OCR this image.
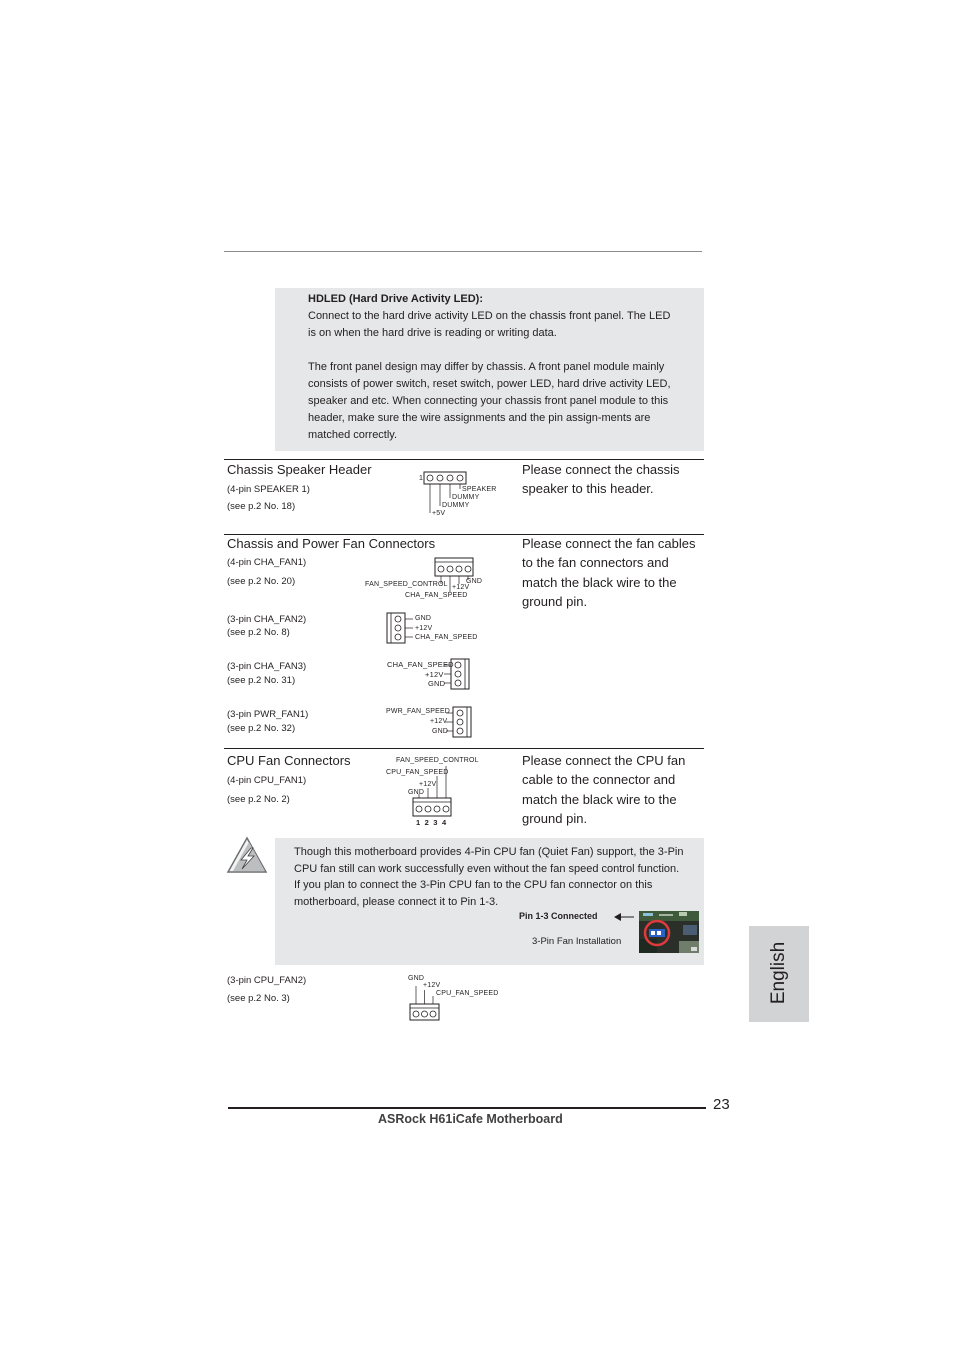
HDLED (Hard Drive Activity LED):
Connect to the hard drive activity LED on the chassis front panel. The LED
is on when the hard drive is reading or writing data.
The front panel design may differ by chassis. A front panel module mainly
consists of power switch, reset switch, power LED, hard drive activity LED,
speaker and etc. When connecting your chassis front panel module to this
header, make sure the wire assignments and the pin assign-ments are
matched correctly.
Chassis Speaker Header
(4-pin SPEAKER 1)
(see p.2 No. 18)
Please connect the chassis
speaker to this header.
1
SPEAKER
DUMMY
DUMMY
+5V
Chassis and Power Fan Connectors	Please connect the fan cables
to the fan connectors and
match the black wire to the
ground pin.
(4-pin CHA_FAN1)
(see p.2 No. 20)	FAN_SPEED_CONTROL +12V
GND
CHA_FAN_SPEED
(3-pin CHA_FAN2)
(see p.2 No. 8)
GND
+12V
CHA_FAN_SPEED
(3-pin CHA_FAN3)
(see p.2 No. 31)
CHA_FAN_SPEED
+12V
GND
(3-pin PWR_FAN1)
(see p.2 No. 32)
PWR_FAN_SPEED
+12V
GND
CPU Fan Connectors
(4-pin CPU_FAN1)
(see p.2 No. 2)
Please connect the CPU fan
cable to the connector and
match the black wire to the
ground pin.
FAN_SPEED_CONTROL
CPU_FAN_SPEED
+12V
GND
1 2 3 4
Though this motherboard provides 4-Pin CPU fan (Quiet Fan) support, the 3-Pin
CPU fan still can work successfully even without the fan speed control function.
If you plan to connect the 3-Pin CPU fan to the CPU fan connector on this
motherboard, please connect it to Pin 1-3.
Pin 1-3 Connected
3-Pin Fan Installation
(3-pin CPU_FAN2)
(see p.2 No. 3)
GND
+12V
CPU_FAN_SPEED	English
23
ASRock H61iCafe Motherboard
